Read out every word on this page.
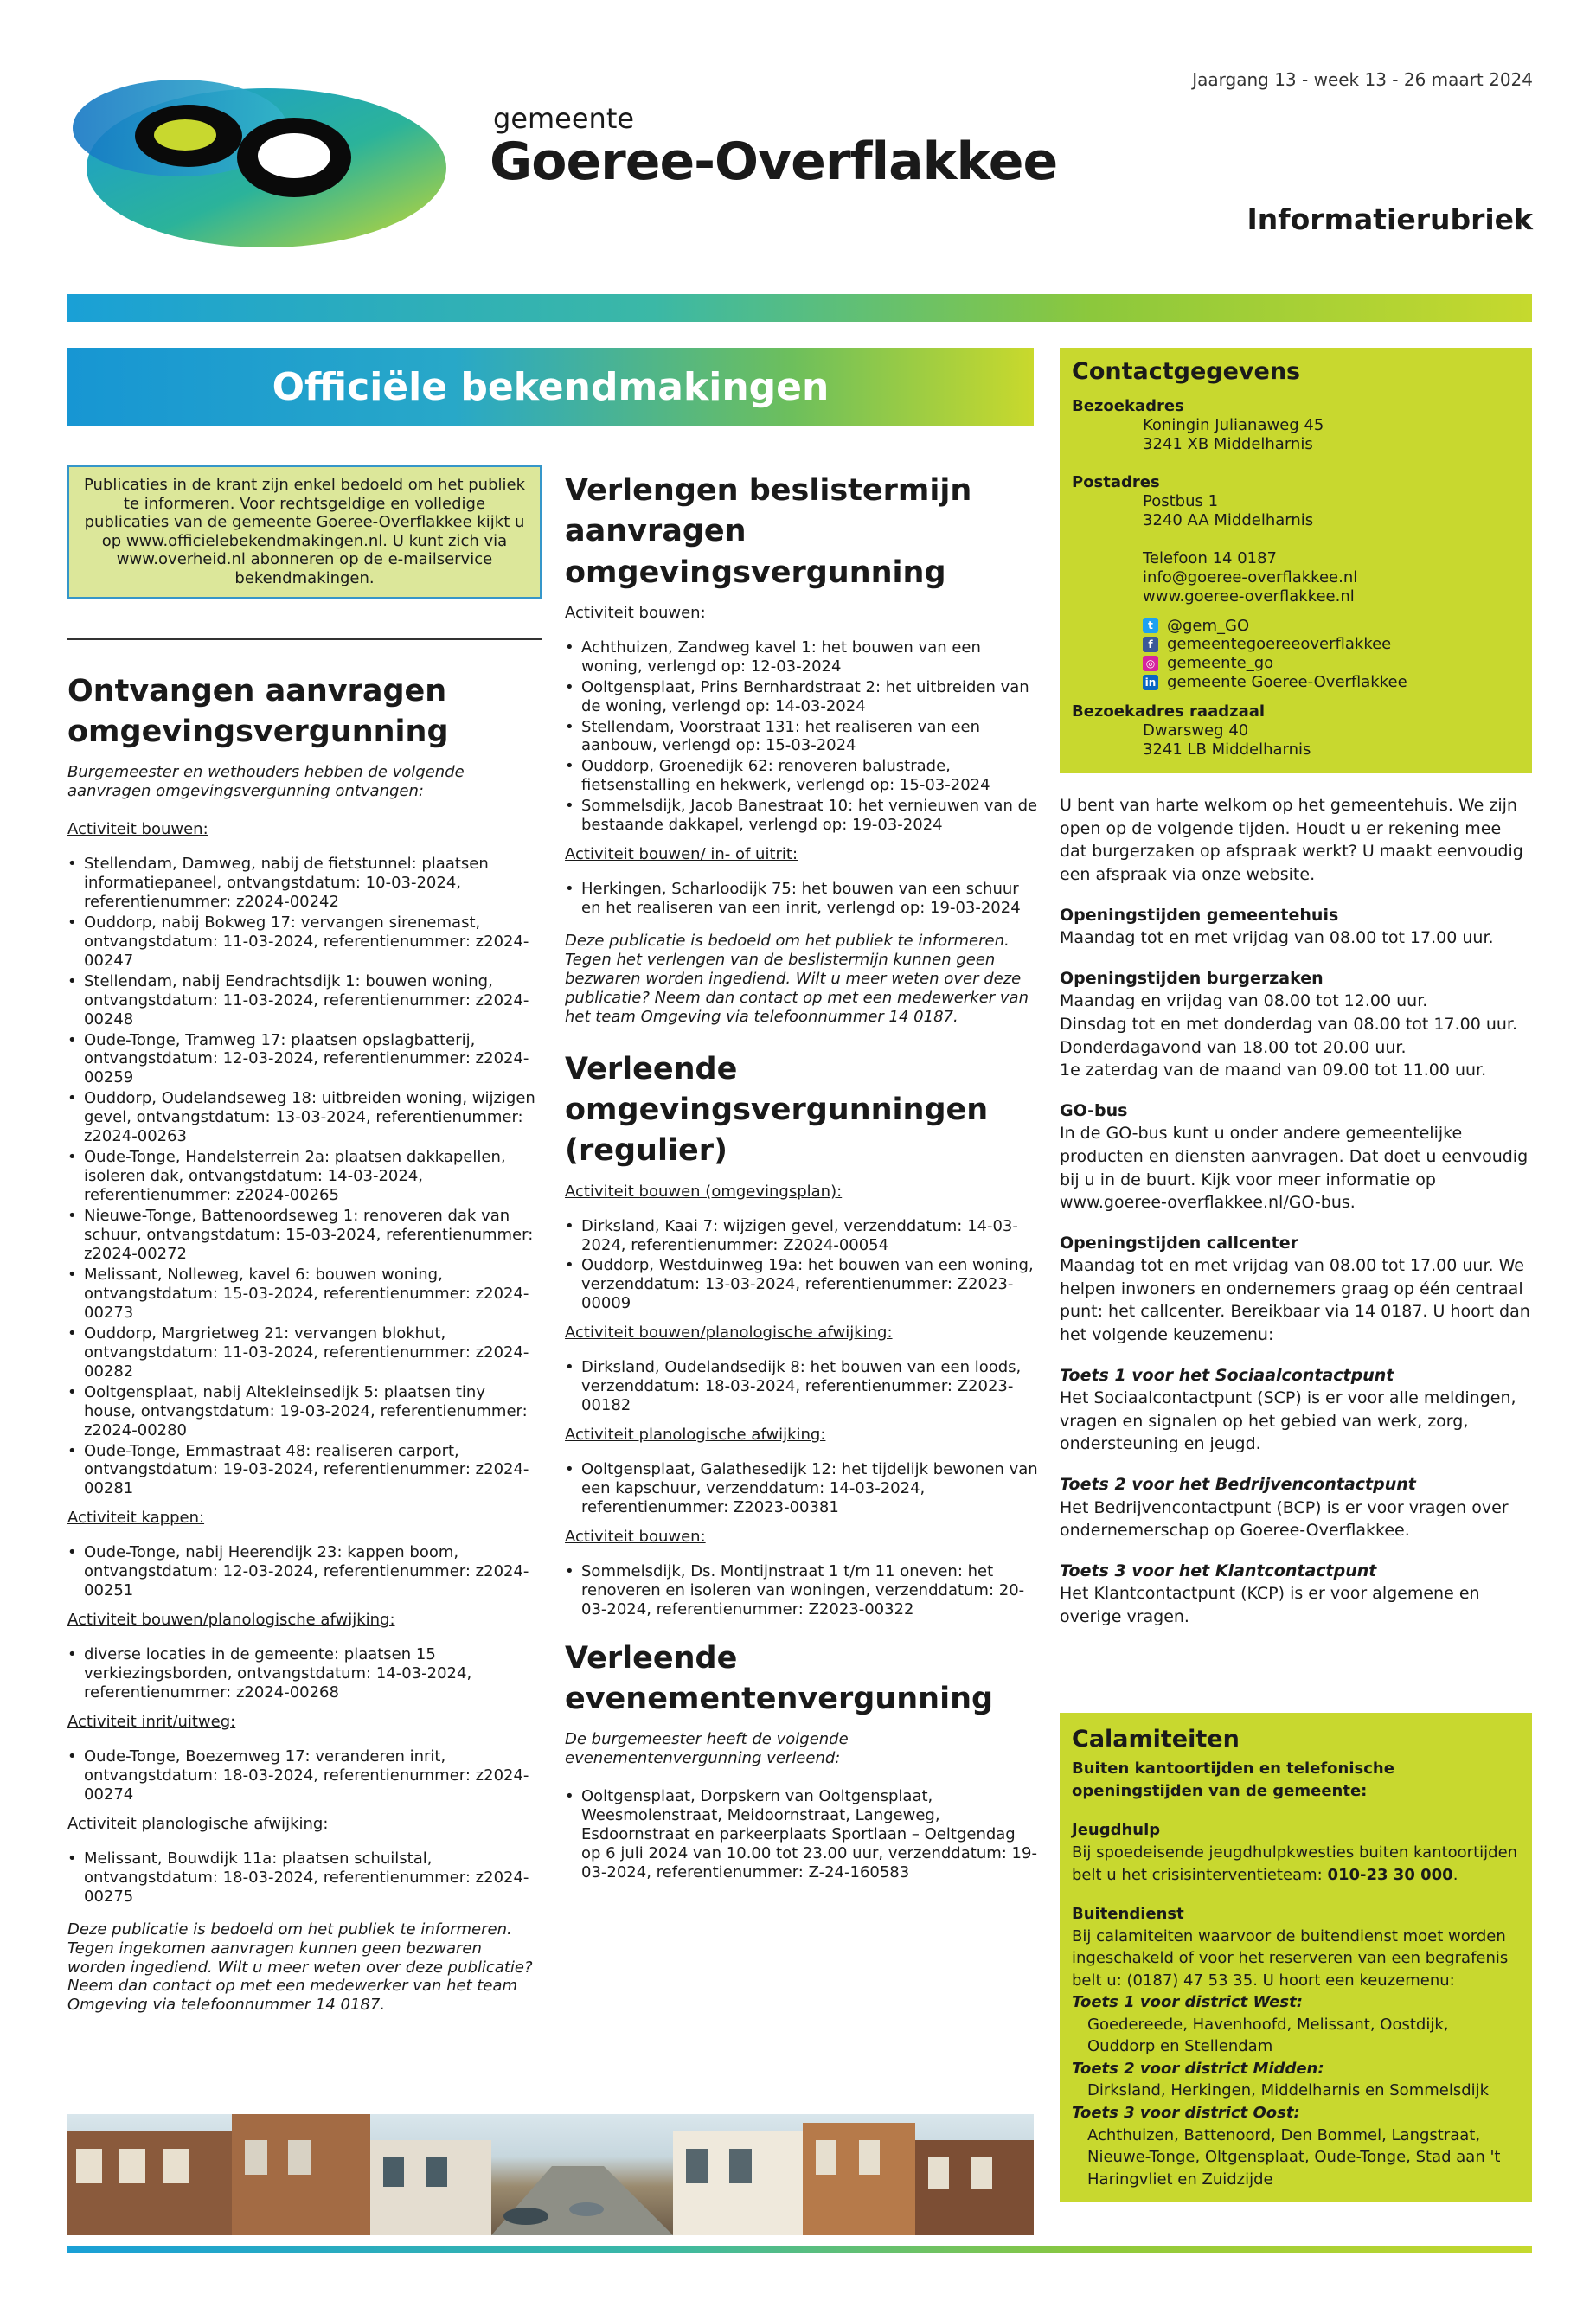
gemeente
Goeree-Overflakkee
Jaargang 13 - week 13 - 26 maart 2024
Informatierubriek
Officiële bekendmakingen
Publicaties in de krant zijn enkel bedoeld om het publiek te informeren. Voor rechtsgeldige en volledige publicaties van de gemeente Goeree-Overflakkee kijkt u op www.officielebekendmakingen.nl. U kunt zich via www.overheid.nl abonneren op de e-mailservice bekendmakingen.
Ontvangen aanvragen omgevingsvergunning
Burgemeester en wethouders hebben de volgende aanvragen omgevingsvergunning ontvangen:
Activiteit bouwen:
• Stellendam, Damweg, nabij de fietstunnel: plaatsen informatiepaneel, ontvangstdatum: 10-03-2024, referentienummer: z2024-00242
• Ouddorp, nabij Bokweg 17: vervangen sirenemast, ontvangstdatum: 11-03-2024, referentienummer: z2024-00247
• Stellendam, nabij Eendrachtsdijk 1: bouwen woning, ontvangstdatum: 11-03-2024, referentienummer: z2024-00248
• Oude-Tonge, Tramweg 17: plaatsen opslagbatterij, ontvangstdatum: 12-03-2024, referentienummer: z2024-00259
• Ouddorp, Oudelandseweg 18: uitbreiden woning, wijzigen gevel, ontvangstdatum: 13-03-2024, referentienummer: z2024-00263
• Oude-Tonge, Handelsterrein 2a: plaatsen dakkapellen, isoleren dak, ontvangstdatum: 14-03-2024, referentienummer: z2024-00265
• Nieuwe-Tonge, Battenoordseweg 1: renoveren dak van schuur, ontvangstdatum: 15-03-2024, referentienummer: z2024-00272
• Melissant, Nolleweg, kavel 6: bouwen woning, ontvangstdatum: 15-03-2024, referentienummer: z2024-00273
• Ouddorp, Margrietweg 21: vervangen blokhut, ontvangstdatum: 11-03-2024, referentienummer: z2024-00282
• Ooltgensplaat, nabij Altekleinsedijk 5: plaatsen tiny house, ontvangstdatum: 19-03-2024, referentienummer: z2024-00280
• Oude-Tonge, Emmastraat 48: realiseren carport, ontvangstdatum: 19-03-2024, referentienummer: z2024-00281
Activiteit kappen:
• Oude-Tonge, nabij Heerendijk 23: kappen boom, ontvangstdatum: 12-03-2024, referentienummer: z2024-00251
Activiteit bouwen/planologische afwijking:
• diverse locaties in de gemeente: plaatsen 15 verkiezingsborden, ontvangstdatum: 14-03-2024, referentienummer: z2024-00268
Activiteit inrit/uitweg:
• Oude-Tonge, Boezemweg 17: veranderen inrit, ontvangstdatum: 18-03-2024, referentienummer: z2024-00274
Activiteit planologische afwijking:
• Melissant, Bouwdijk 11a: plaatsen schuilstal, ontvangstdatum: 18-03-2024, referentienummer: z2024-00275
Deze publicatie is bedoeld om het publiek te informeren. Tegen ingekomen aanvragen kunnen geen bezwaren worden ingediend. Wilt u meer weten over deze publicatie? Neem dan contact op met een medewerker van het team Omgeving via telefoonnummer 14 0187.
Verlengen beslistermijn aanvragen omgevingsvergunning
Activiteit bouwen:
• Achthuizen, Zandweg kavel 1: het bouwen van een woning, verlengd op: 12-03-2024
• Ooltgensplaat, Prins Bernhardstraat 2: het uitbreiden van de woning, verlengd op: 14-03-2024
• Stellendam, Voorstraat 131: het realiseren van een aanbouw, verlengd op: 15-03-2024
• Ouddorp, Groenedijk 62: renoveren balustrade, fietsenstalling en hekwerk, verlengd op: 15-03-2024
• Sommelsdijk, Jacob Banestraat 10: het vernieuwen van de bestaande dakkapel, verlengd op: 19-03-2024
Activiteit bouwen/ in- of uitrit:
• Herkingen, Scharloodijk 75: het bouwen van een schuur en het realiseren van een inrit, verlengd op: 19-03-2024
Deze publicatie is bedoeld om het publiek te informeren. Tegen het verlengen van de beslistermijn kunnen geen bezwaren worden ingediend. Wilt u meer weten over deze publicatie? Neem dan contact op met een medewerker van het team Omgeving via telefoonnummer 14 0187.
Verleende omgevingsvergunningen (regulier)
Activiteit bouwen (omgevingsplan):
• Dirksland, Kaai 7: wijzigen gevel, verzenddatum: 14-03-2024, referentienummer: Z2024-00054
• Ouddorp, Westduinweg 19a: het bouwen van een woning, verzenddatum: 13-03-2024, referentienummer: Z2023-00009
Activiteit bouwen/planologische afwijking:
• Dirksland, Oudelandsedijk 8: het bouwen van een loods, verzenddatum: 18-03-2024, referentienummer: Z2023-00182
Activiteit planologische afwijking:
• Ooltgensplaat, Galathesedijk 12: het tijdelijk bewonen van een kapschuur, verzenddatum: 14-03-2024, referentienummer: Z2023-00381
Activiteit bouwen:
• Sommelsdijk, Ds. Montijnstraat 1 t/m 11 oneven: het renoveren en isoleren van woningen, verzenddatum: 20-03-2024, referentienummer: Z2023-00322
Verleende evenementenvergunning
De burgemeester heeft de volgende evenementenvergunning verleend:
• Ooltgensplaat, Dorpskern van Ooltgensplaat, Weesmolenstraat, Meidoornstraat, Langeweg, Esdoornstraat en parkeerplaats Sportlaan – Oeltgendag op 6 juli 2024 van 10.00 tot 23.00 uur, verzenddatum: 19-03-2024, referentienummer: Z-24-160583
Contactgegevens
Bezoekadres
Koningin Julianaweg 45
3241 XB Middelharnis
Postadres
Postbus 1
3240 AA Middelharnis
Telefoon 14 0187
info@goeree-overflakkee.nl
www.goeree-overflakkee.nl
t @gem_GO
f gemeentegoereeoverflakkee
◎ gemeente_go
in gemeente Goeree-Overflakkee
Bezoekadres raadzaal
Dwarsweg 40
3241 LB Middelharnis
U bent van harte welkom op het gemeentehuis. We zijn open op de volgende tijden. Houdt u er rekening mee dat burgerzaken op afspraak werkt? U maakt eenvoudig een afspraak via onze website.
Openingstijden gemeentehuis
Maandag tot en met vrijdag van 08.00 tot 17.00 uur.
Openingstijden burgerzaken
Maandag en vrijdag van 08.00 tot 12.00 uur.
Dinsdag tot en met donderdag van 08.00 tot 17.00 uur.
Donderdagavond van 18.00 tot 20.00 uur.
1e zaterdag van de maand van 09.00 tot 11.00 uur.
GO-bus
In de GO-bus kunt u onder andere gemeentelijke producten en diensten aanvragen. Dat doet u eenvoudig bij u in de buurt. Kijk voor meer informatie op www.goeree-overflakkee.nl/GO-bus.
Openingstijden callcenter
Maandag tot en met vrijdag van 08.00 tot 17.00 uur. We helpen inwoners en ondernemers graag op één centraal punt: het callcenter. Bereikbaar via 14 0187. U hoort dan het volgende keuzemenu:
Toets 1 voor het Sociaalcontactpunt
Het Sociaalcontactpunt (SCP) is er voor alle meldingen, vragen en signalen op het gebied van werk, zorg, ondersteuning en jeugd.
Toets 2 voor het Bedrijvencontactpunt
Het Bedrijvencontactpunt (BCP) is er voor vragen over ondernemerschap op Goeree-Overflakkee.
Toets 3 voor het Klantcontactpunt
Het Klantcontactpunt (KCP) is er voor algemene en overige vragen.
Calamiteiten
Buiten kantoortijden en telefonische openingstijden van de gemeente:
Jeugdhulp
Bij spoedeisende jeugdhulpkwesties buiten kantoortijden belt u het crisisinterventieteam: 010-23 30 000.
Buitendienst
Bij calamiteiten waarvoor de buitendienst moet worden ingeschakeld of voor het reserveren van een begrafenis belt u: (0187) 47 53 35. U hoort een keuzemenu:
Toets 1 voor district West:
Goedereede, Havenhoofd, Melissant, Oostdijk, Ouddorp en Stellendam
Toets 2 voor district Midden:
Dirksland, Herkingen, Middelharnis en Sommelsdijk
Toets 3 voor district Oost:
Achthuizen, Battenoord, Den Bommel, Langstraat, Nieuwe-Tonge, Oltgensplaat, Oude-Tonge, Stad aan 't Haringvliet en Zuidzijde
